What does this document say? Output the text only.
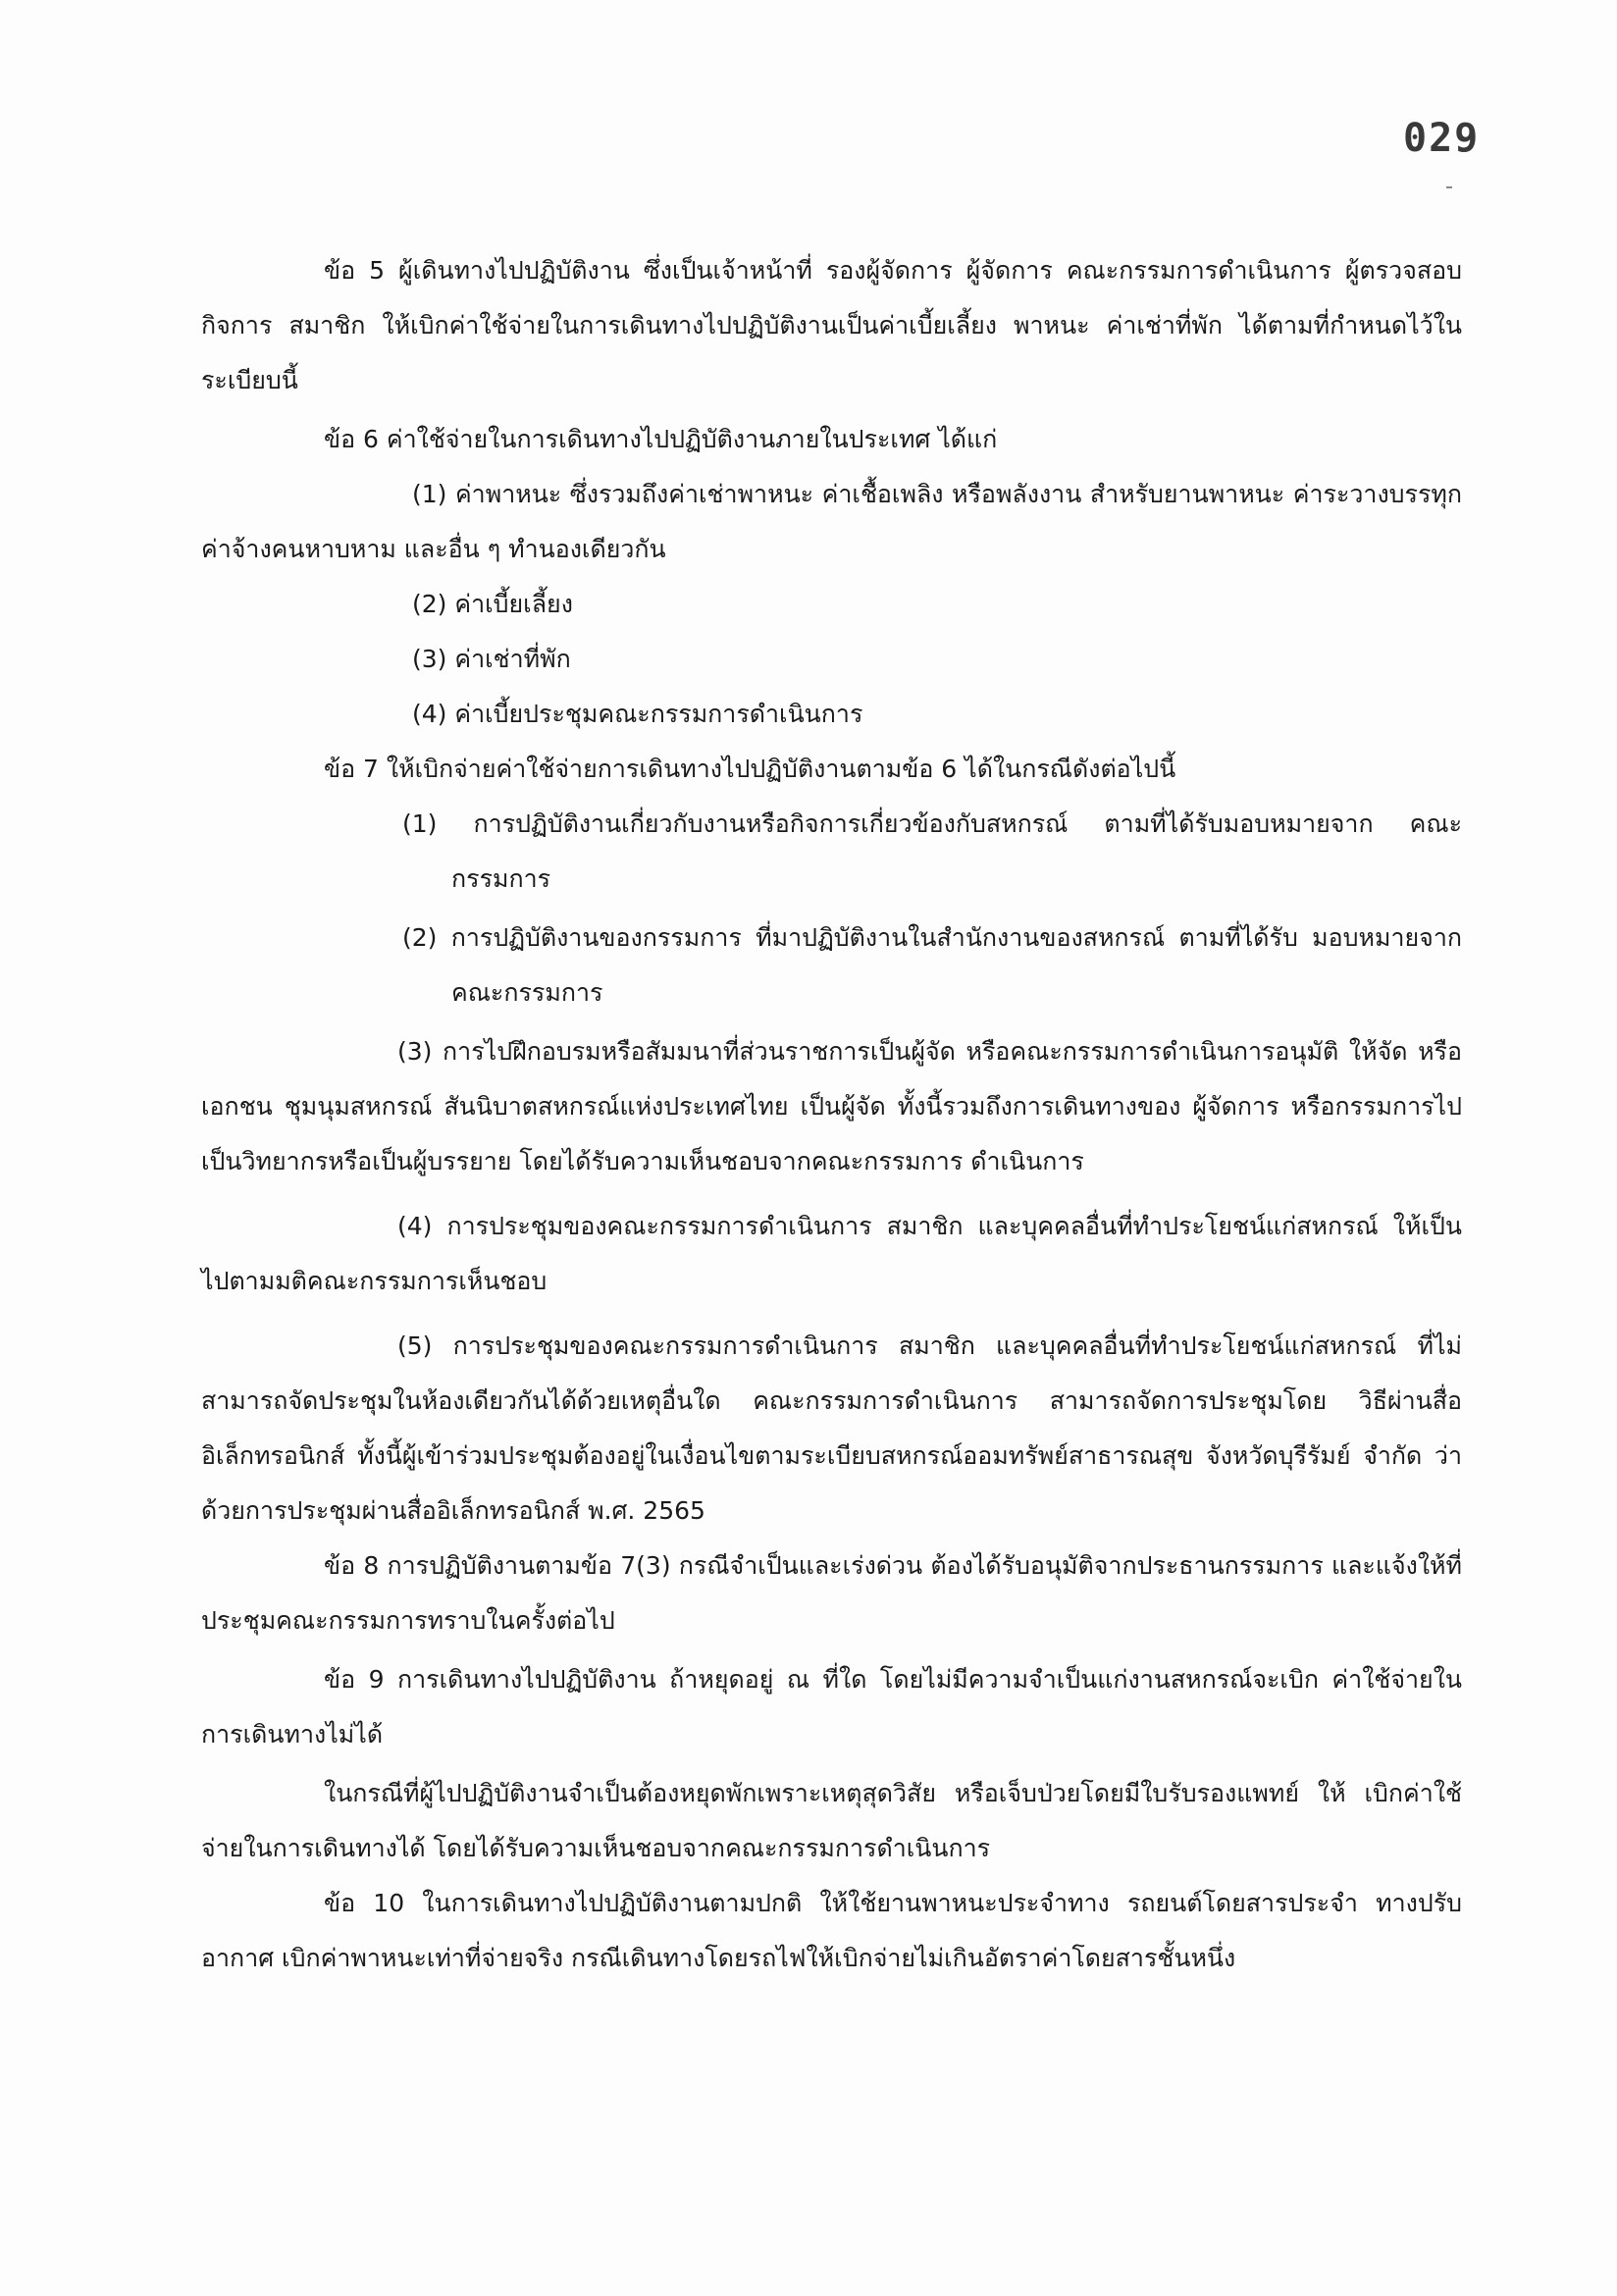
029

ข้อ 5 ผู้เดินทางไปปฏิบัติงาน ซึ่งเป็นเจ้าหน้าที่ รองผู้จัดการ ผู้จัดการ คณะกรรมการดำเนินการ ผู้ตรวจสอบกิจการ สมาชิก ให้เบิกค่าใช้จ่ายในการเดินทางไปปฏิบัติงานเป็นค่าเบี้ยเลี้ยง พาหนะ ค่าเช่าที่พัก ได้ตามที่กำหนดไว้ในระเบียบนี้

ข้อ 6 ค่าใช้จ่ายในการเดินทางไปปฏิบัติงานภายในประเทศ ได้แก่

(1) ค่าพาหนะ ซึ่งรวมถึงค่าเช่าพาหนะ ค่าเชื้อเพลิง หรือพลังงาน สำหรับยานพาหนะ ค่าระวางบรรทุก ค่าจ้างคนหาบหาม และอื่น ๆ ทำนองเดียวกัน

(2) ค่าเบี้ยเลี้ยง

(3) ค่าเช่าที่พัก

(4) ค่าเบี้ยประชุมคณะกรรมการดำเนินการ

ข้อ 7 ให้เบิกจ่ายค่าใช้จ่ายการเดินทางไปปฏิบัติงานตามข้อ 6 ได้ในกรณีดังต่อไปนี้

(1) การปฏิบัติงานเกี่ยวกับงานหรือกิจการเกี่ยวข้องกับสหกรณ์ ตามที่ได้รับมอบหมายจาก คณะกรรมการ

(2) การปฏิบัติงานของกรรมการ ที่มาปฏิบัติงานในสำนักงานของสหกรณ์ ตามที่ได้รับ มอบหมายจากคณะกรรมการ

(3) การไปฝึกอบรมหรือสัมมนาที่ส่วนราชการเป็นผู้จัด หรือคณะกรรมการดำเนินการอนุมัติ ให้จัด หรือเอกชน ชุมนุมสหกรณ์ สันนิบาตสหกรณ์แห่งประเทศไทย เป็นผู้จัด ทั้งนี้รวมถึงการเดินทางของ ผู้จัดการ หรือกรรมการไปเป็นวิทยากรหรือเป็นผู้บรรยาย โดยได้รับความเห็นชอบจากคณะกรรมการ ดำเนินการ

(4) การประชุมของคณะกรรมการดำเนินการ สมาชิก และบุคคลอื่นที่ทำประโยชน์แก่สหกรณ์ ให้เป็นไปตามมติคณะกรรมการเห็นชอบ

(5) การประชุมของคณะกรรมการดำเนินการ สมาชิก และบุคคลอื่นที่ทำประโยชน์แก่สหกรณ์ ที่ไม่สามารถจัดประชุมในห้องเดียวกันได้ด้วยเหตุอื่นใด คณะกรรมการดำเนินการ สามารถจัดการประชุมโดย วิธีผ่านสื่ออิเล็กทรอนิกส์ ทั้งนี้ผู้เข้าร่วมประชุมต้องอยู่ในเงื่อนไขตามระเบียบสหกรณ์ออมทรัพย์สาธารณสุข จังหวัดบุรีรัมย์ จำกัด ว่าด้วยการประชุมผ่านสื่ออิเล็กทรอนิกส์ พ.ศ. 2565

ข้อ 8 การปฏิบัติงานตามข้อ 7(3) กรณีจำเป็นและเร่งด่วน ต้องได้รับอนุมัติจากประธานกรรมการ และแจ้งให้ที่ประชุมคณะกรรมการทราบในครั้งต่อไป

ข้อ 9 การเดินทางไปปฏิบัติงาน ถ้าหยุดอยู่ ณ ที่ใด โดยไม่มีความจำเป็นแก่งานสหกรณ์จะเบิก ค่าใช้จ่ายในการเดินทางไม่ได้

ในกรณีที่ผู้ไปปฏิบัติงานจำเป็นต้องหยุดพักเพราะเหตุสุดวิสัย หรือเจ็บป่วยโดยมีใบรับรองแพทย์ ให้ เบิกค่าใช้จ่ายในการเดินทางได้ โดยได้รับความเห็นชอบจากคณะกรรมการดำเนินการ

ข้อ 10 ในการเดินทางไปปฏิบัติงานตามปกติ ให้ใช้ยานพาหนะประจำทาง รถยนต์โดยสารประจำ ทางปรับอากาศ เบิกค่าพาหนะเท่าที่จ่ายจริง กรณีเดินทางโดยรถไฟให้เบิกจ่ายไม่เกินอัตราค่าโดยสารชั้นหนึ่ง
